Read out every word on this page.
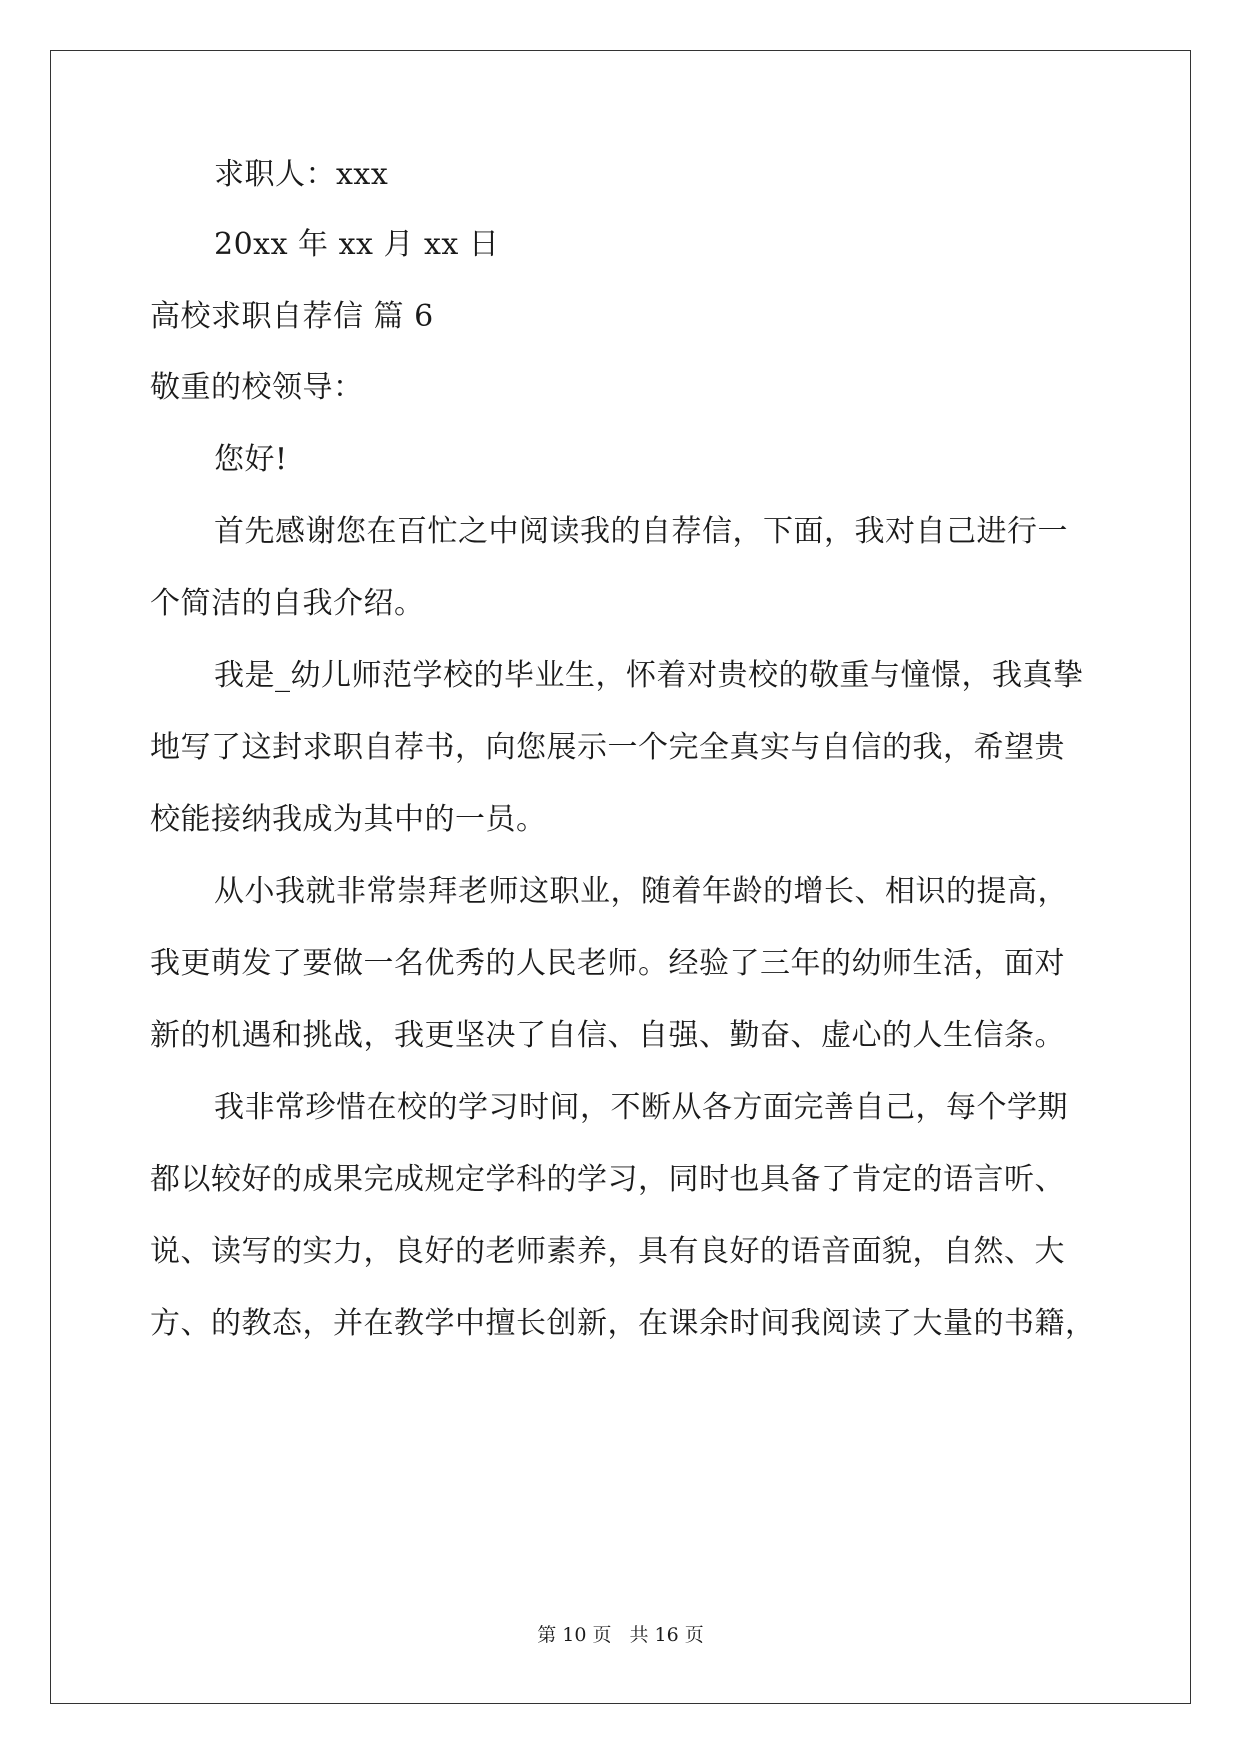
求职人：xxx
20xx 年 xx 月 xx 日
高校求职自荐信 篇 6
敬重的校领导：
您好!
首先感谢您在百忙之中阅读我的自荐信，下面，我对自己进行一
个简洁的自我介绍。
我是_幼儿师范学校的毕业生，怀着对贵校的敬重与憧憬，我真挚
地写了这封求职自荐书，向您展示一个完全真实与自信的我，希望贵
校能接纳我成为其中的一员。
从小我就非常崇拜老师这职业，随着年龄的增长、相识的提高，
我更萌发了要做一名优秀的人民老师。经验了三年的幼师生活，面对
新的机遇和挑战，我更坚决了自信、自强、勤奋、虚心的人生信条。
我非常珍惜在校的学习时间，不断从各方面完善自己，每个学期
都以较好的成果完成规定学科的学习，同时也具备了肯定的语言听、
说、读写的实力，良好的老师素养，具有良好的语音面貌，自然、大
方、的教态，并在教学中擅长创新，在课余时间我阅读了大量的书籍，
第 10 页 共 16 页
